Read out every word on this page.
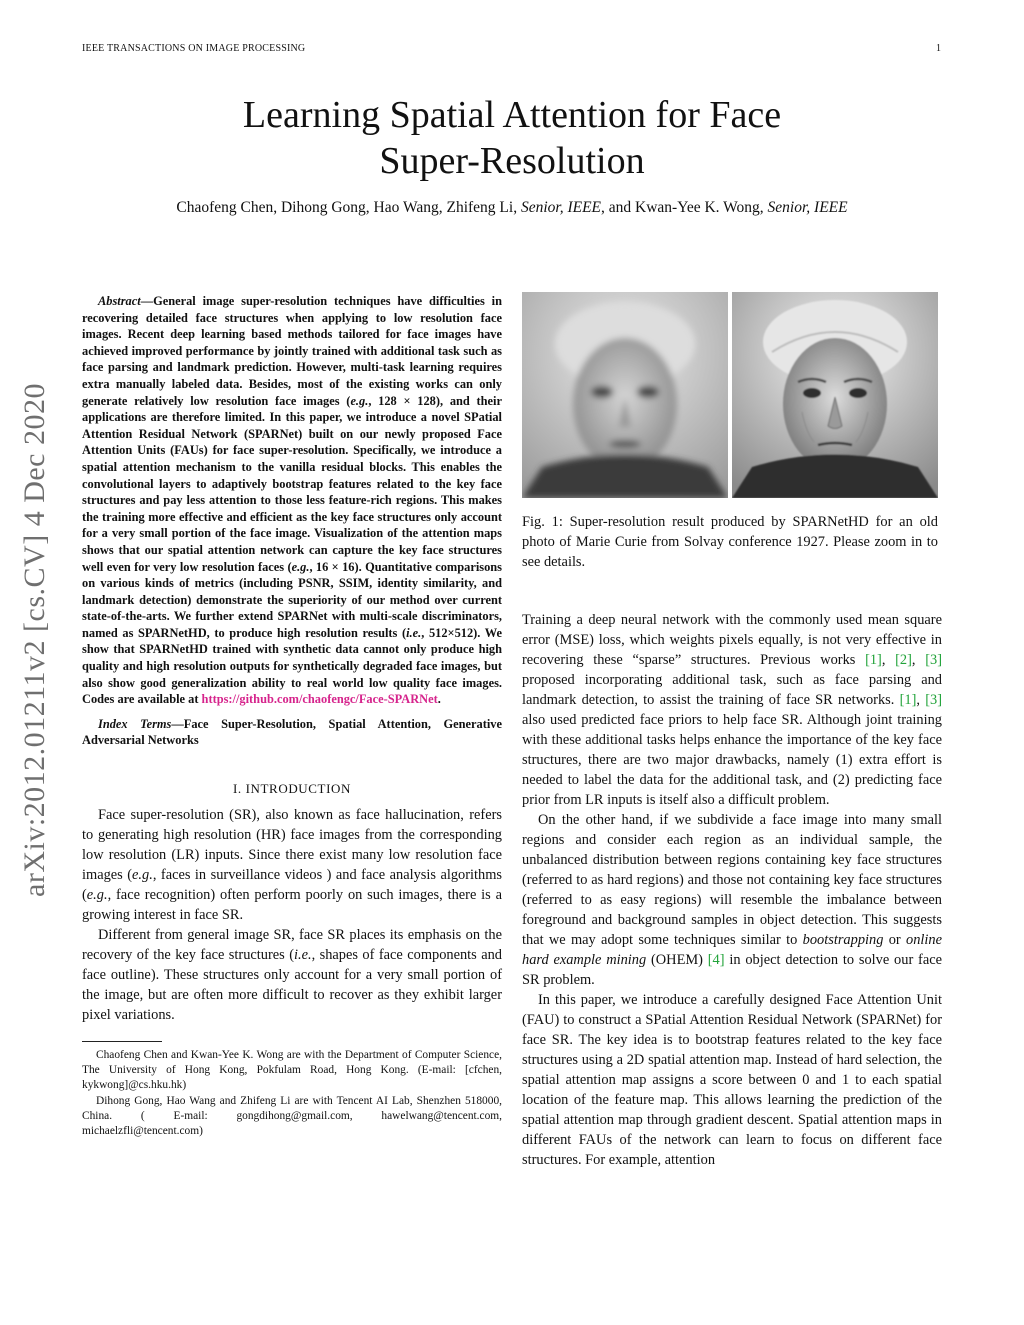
IEEE TRANSACTIONS ON IMAGE PROCESSING	1
Learning Spatial Attention for Face
Super-Resolution
Chaofeng Chen, Dihong Gong, Hao Wang, Zhifeng Li, Senior, IEEE, and Kwan-Yee K. Wong, Senior, IEEE
arXiv:2012.01211v2 [cs.CV] 4 Dec 2020

Abstract—General image super-resolution techniques have difficulties in recovering detailed face structures when applying to low resolution face images. Recent deep learning based methods tailored for face images have achieved improved performance by jointly trained with additional task such as face parsing and landmark prediction. However, multi-task learning requires extra manually labeled data. Besides, most of the existing works can only generate relatively low resolution face images (e.g., 128 × 128), and their applications are therefore limited. In this paper, we introduce a novel SPatial Attention Residual Network (SPARNet) built on our newly proposed Face Attention Units (FAUs) for face super-resolution. Specifically, we introduce a spatial attention mechanism to the vanilla residual blocks. This enables the convolutional layers to adaptively bootstrap features related to the key face structures and pay less attention to those less feature-rich regions. This makes the training more effective and efficient as the key face structures only account for a very small portion of the face image. Visualization of the attention maps shows that our spatial attention network can capture the key face structures well even for very low resolution faces (e.g., 16 × 16). Quantitative comparisons on various kinds of metrics (including PSNR, SSIM, identity similarity, and landmark detection) demonstrate the superiority of our method over current state-of-the-arts. We further extend SPARNet with multi-scale discriminators, named as SPARNetHD, to produce high resolution results (i.e., 512×512). We show that SPARNetHD trained with synthetic data cannot only produce high quality and high resolution outputs for synthetically degraded face images, but also show good generalization ability to real world low quality face images. Codes are available at https://github.com/chaofengc/Face-SPARNet.

Index Terms—Face Super-Resolution, Spatial Attention, Generative Adversarial Networks

I. INTRODUCTION

Face super-resolution (SR), also known as face hallucination, refers to generating high resolution (HR) face images from the corresponding low resolution (LR) inputs. Since there exist many low resolution face images (e.g., faces in surveillance videos ) and face analysis algorithms (e.g., face recognition) often perform poorly on such images, there is a growing interest in face SR.

Different from general image SR, face SR places its emphasis on the recovery of the key face structures (i.e., shapes of face components and face outline). These structures only account for a very small portion of the image, but are often more difficult to recover as they exhibit larger pixel variations.

Chaofeng Chen and Kwan-Yee K. Wong are with the Department of Computer Science, The University of Hong Kong, Pokfulam Road, Hong Kong. (E-mail: [cfchen, kykwong]@cs.hku.hk)

Dihong Gong, Hao Wang and Zhifeng Li are with Tencent AI Lab, Shenzhen 518000, China. ( E-mail: gongdihong@gmail.com, hawelwang@tencent.com, michaelzfli@tencent.com)

Fig. 1: Super-resolution result produced by SPARNetHD for an old photo of Marie Curie from Solvay conference 1927. Please zoom in to see details.

Training a deep neural network with the commonly used mean square error (MSE) loss, which weights pixels equally, is not very effective in recovering these “sparse” structures. Previous works [1], [2], [3] proposed incorporating additional task, such as face parsing and landmark detection, to assist the training of face SR networks. [1], [3] also used predicted face priors to help face SR. Although joint training with these additional tasks helps enhance the importance of the key face structures, there are two major drawbacks, namely (1) extra effort is needed to label the data for the additional task, and (2) predicting face prior from LR inputs is itself also a difficult problem.

On the other hand, if we subdivide a face image into many small regions and consider each region as an individual sample, the unbalanced distribution between regions containing key face structures (referred to as hard regions) and those not containing key face structures (referred to as easy regions) will resemble the imbalance between foreground and background samples in object detection. This suggests that we may adopt some techniques similar to bootstrapping or online hard example mining (OHEM) [4] in object detection to solve our face SR problem.

In this paper, we introduce a carefully designed Face Attention Unit (FAU) to construct a SPatial Attention Residual Network (SPARNet) for face SR. The key idea is to bootstrap features related to the key face structures using a 2D spatial attention map. Instead of hard selection, the spatial attention map assigns a score between 0 and 1 to each spatial location of the feature map. This allows learning the prediction of the spatial attention map through gradient descent. Spatial attention maps in different FAUs of the network can learn to focus on different face structures. For example, attention
